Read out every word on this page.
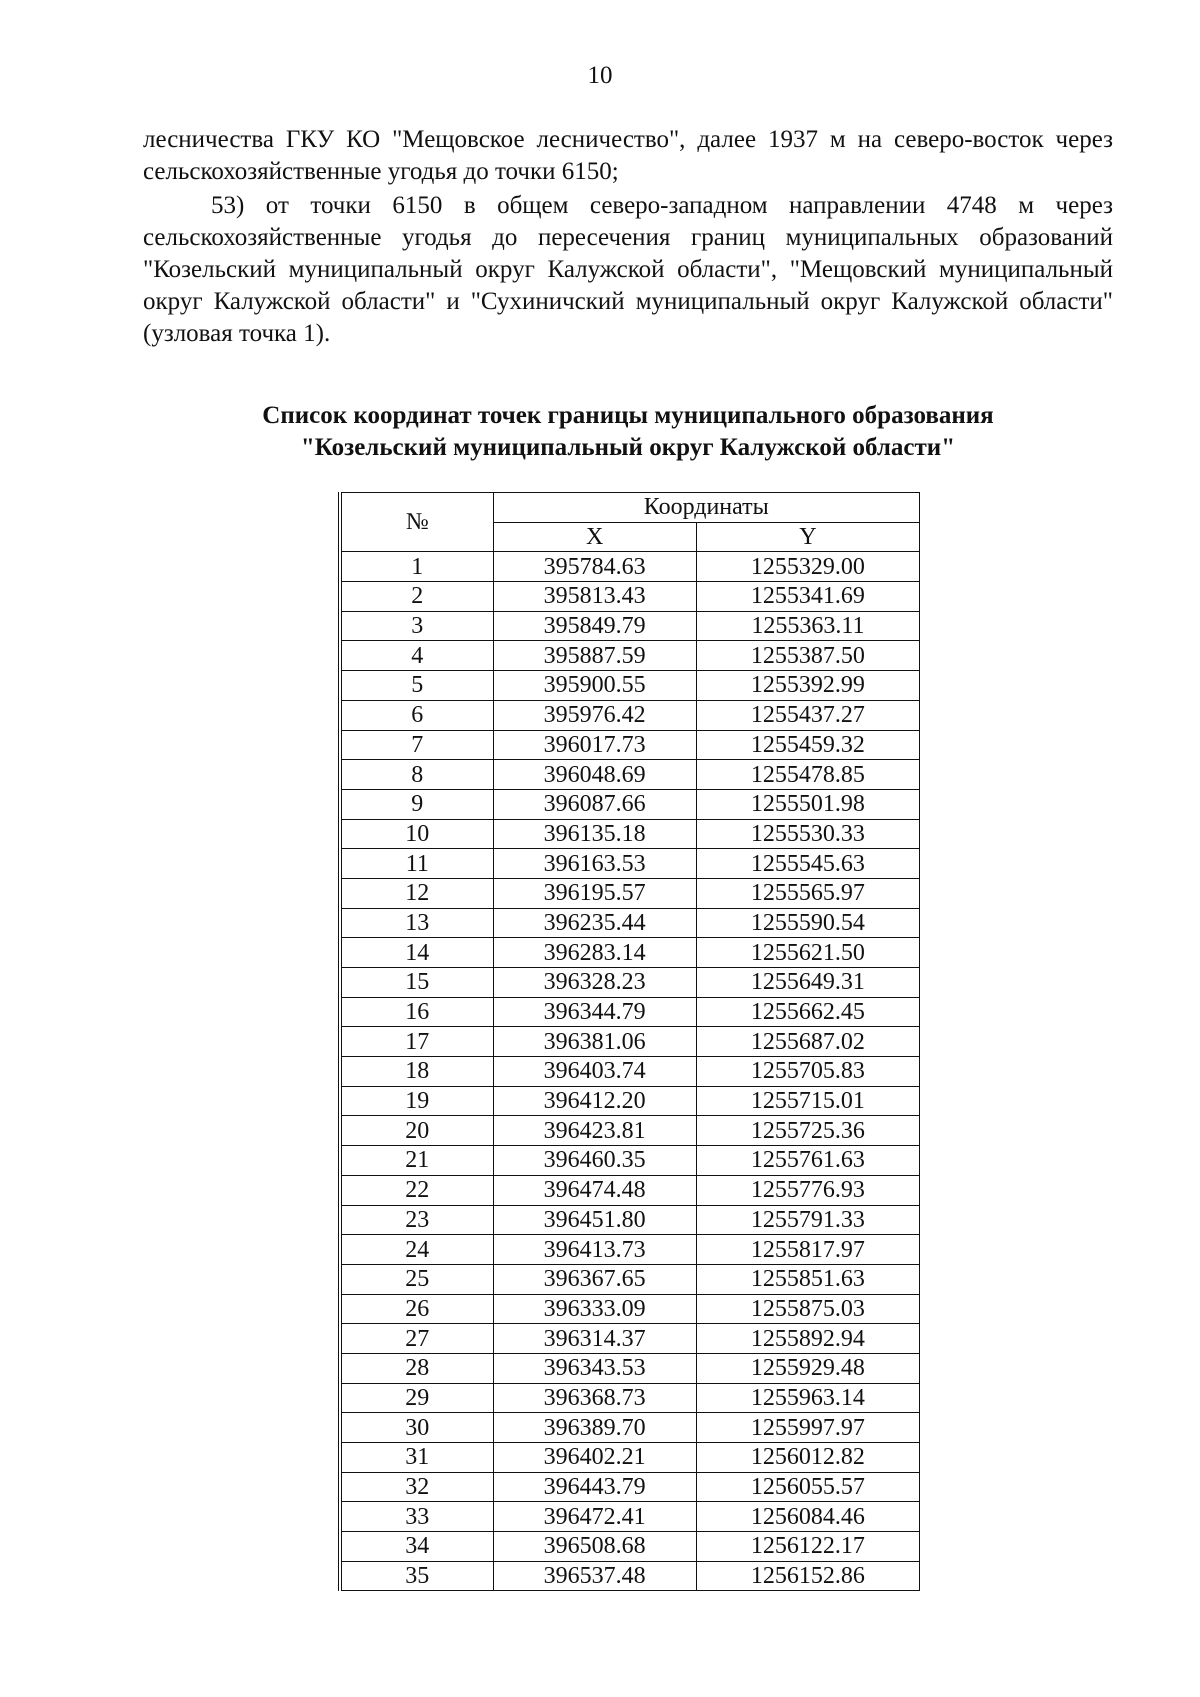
10

лесничества ГКУ КО "Мещовское лесничество", далее 1937 м на северо-восток через сельскохозяйственные угодья до точки 6150;

53) от точки 6150 в общем северо-западном направлении 4748 м через сельскохозяйственные угодья до пересечения границ муниципальных образований "Козельский муниципальный округ Калужской области", "Мещовский муниципальный округ Калужской области" и "Сухиничский муниципальный округ Калужской области" (узловая точка 1).

Список координат точек границы муниципального образования
"Козельский муниципальный округ Калужской области"
№	Координаты	
	X	Y
1	395784.63	1255329.00
2	395813.43	1255341.69
3	395849.79	1255363.11
4	395887.59	1255387.50
5	395900.55	1255392.99
6	395976.42	1255437.27
7	396017.73	1255459.32
8	396048.69	1255478.85
9	396087.66	1255501.98
10	396135.18	1255530.33
11	396163.53	1255545.63
12	396195.57	1255565.97
13	396235.44	1255590.54
14	396283.14	1255621.50
15	396328.23	1255649.31
16	396344.79	1255662.45
17	396381.06	1255687.02
18	396403.74	1255705.83
19	396412.20	1255715.01
20	396423.81	1255725.36
21	396460.35	1255761.63
22	396474.48	1255776.93
23	396451.80	1255791.33
24	396413.73	1255817.97
25	396367.65	1255851.63
26	396333.09	1255875.03
27	396314.37	1255892.94
28	396343.53	1255929.48
29	396368.73	1255963.14
30	396389.70	1255997.97
31	396402.21	1256012.82
32	396443.79	1256055.57
33	396472.41	1256084.46
34	396508.68	1256122.17
35	396537.48	1256152.86
